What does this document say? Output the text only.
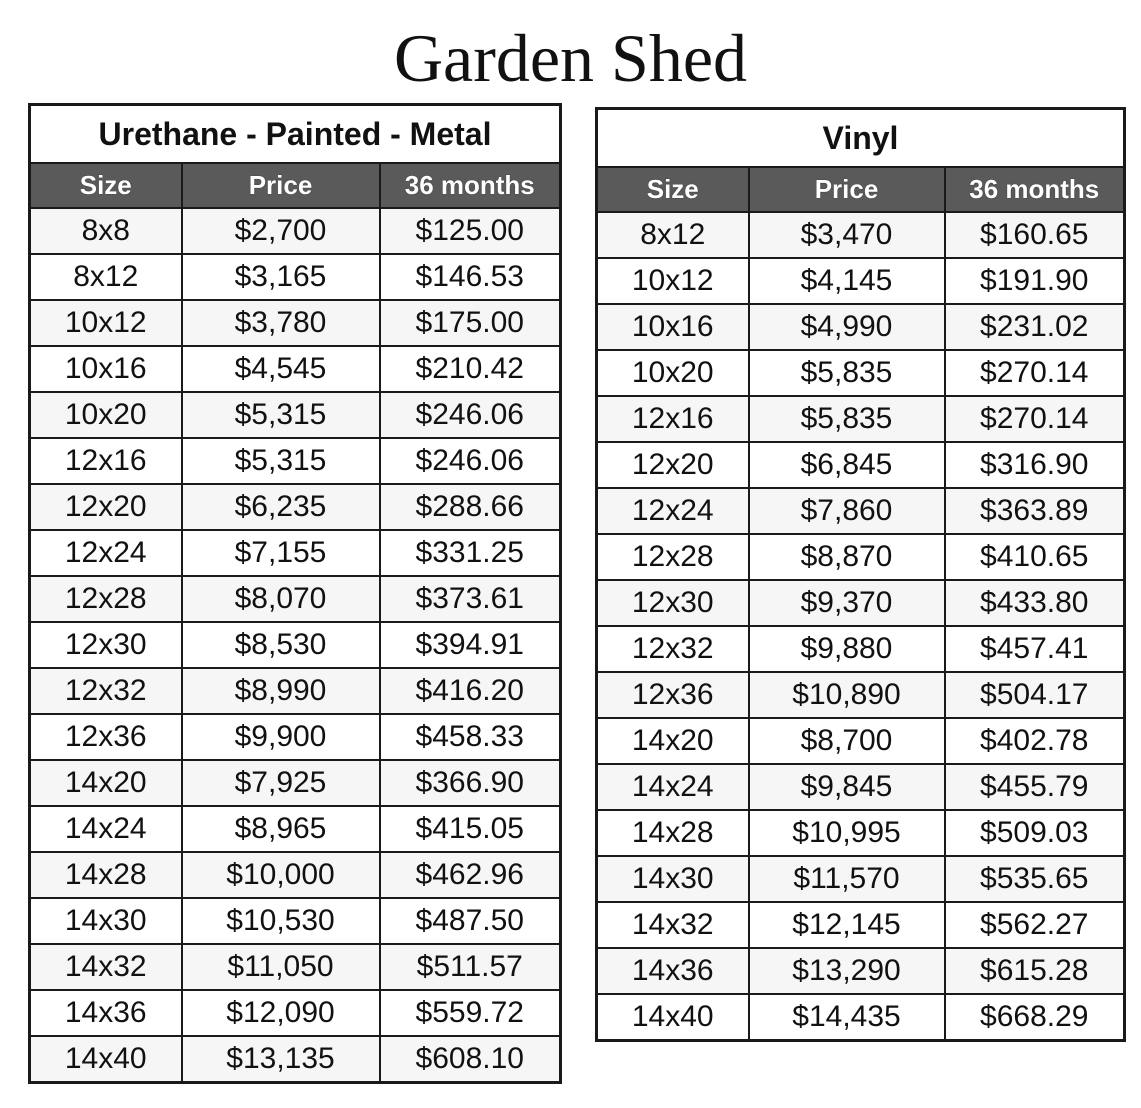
Garden Shed
Urethane - Painted - Metal		
Size	Price	36 months
8x8	$2,700	$125.00
8x12	$3,165	$146.53
10x12	$3,780	$175.00
10x16	$4,545	$210.42
10x20	$5,315	$246.06
12x16	$5,315	$246.06
12x20	$6,235	$288.66
12x24	$7,155	$331.25
12x28	$8,070	$373.61
12x30	$8,530	$394.91
12x32	$8,990	$416.20
12x36	$9,900	$458.33
14x20	$7,925	$366.90
14x24	$8,965	$415.05
14x28	$10,000	$462.96
14x30	$10,530	$487.50
14x32	$11,050	$511.57
14x36	$12,090	$559.72
14x40	$13,135	$608.10
Vinyl		
Size	Price	36 months
8x12	$3,470	$160.65
10x12	$4,145	$191.90
10x16	$4,990	$231.02
10x20	$5,835	$270.14
12x16	$5,835	$270.14
12x20	$6,845	$316.90
12x24	$7,860	$363.89
12x28	$8,870	$410.65
12x30	$9,370	$433.80
12x32	$9,880	$457.41
12x36	$10,890	$504.17
14x20	$8,700	$402.78
14x24	$9,845	$455.79
14x28	$10,995	$509.03
14x30	$11,570	$535.65
14x32	$12,145	$562.27
14x36	$13,290	$615.28
14x40	$14,435	$668.29
